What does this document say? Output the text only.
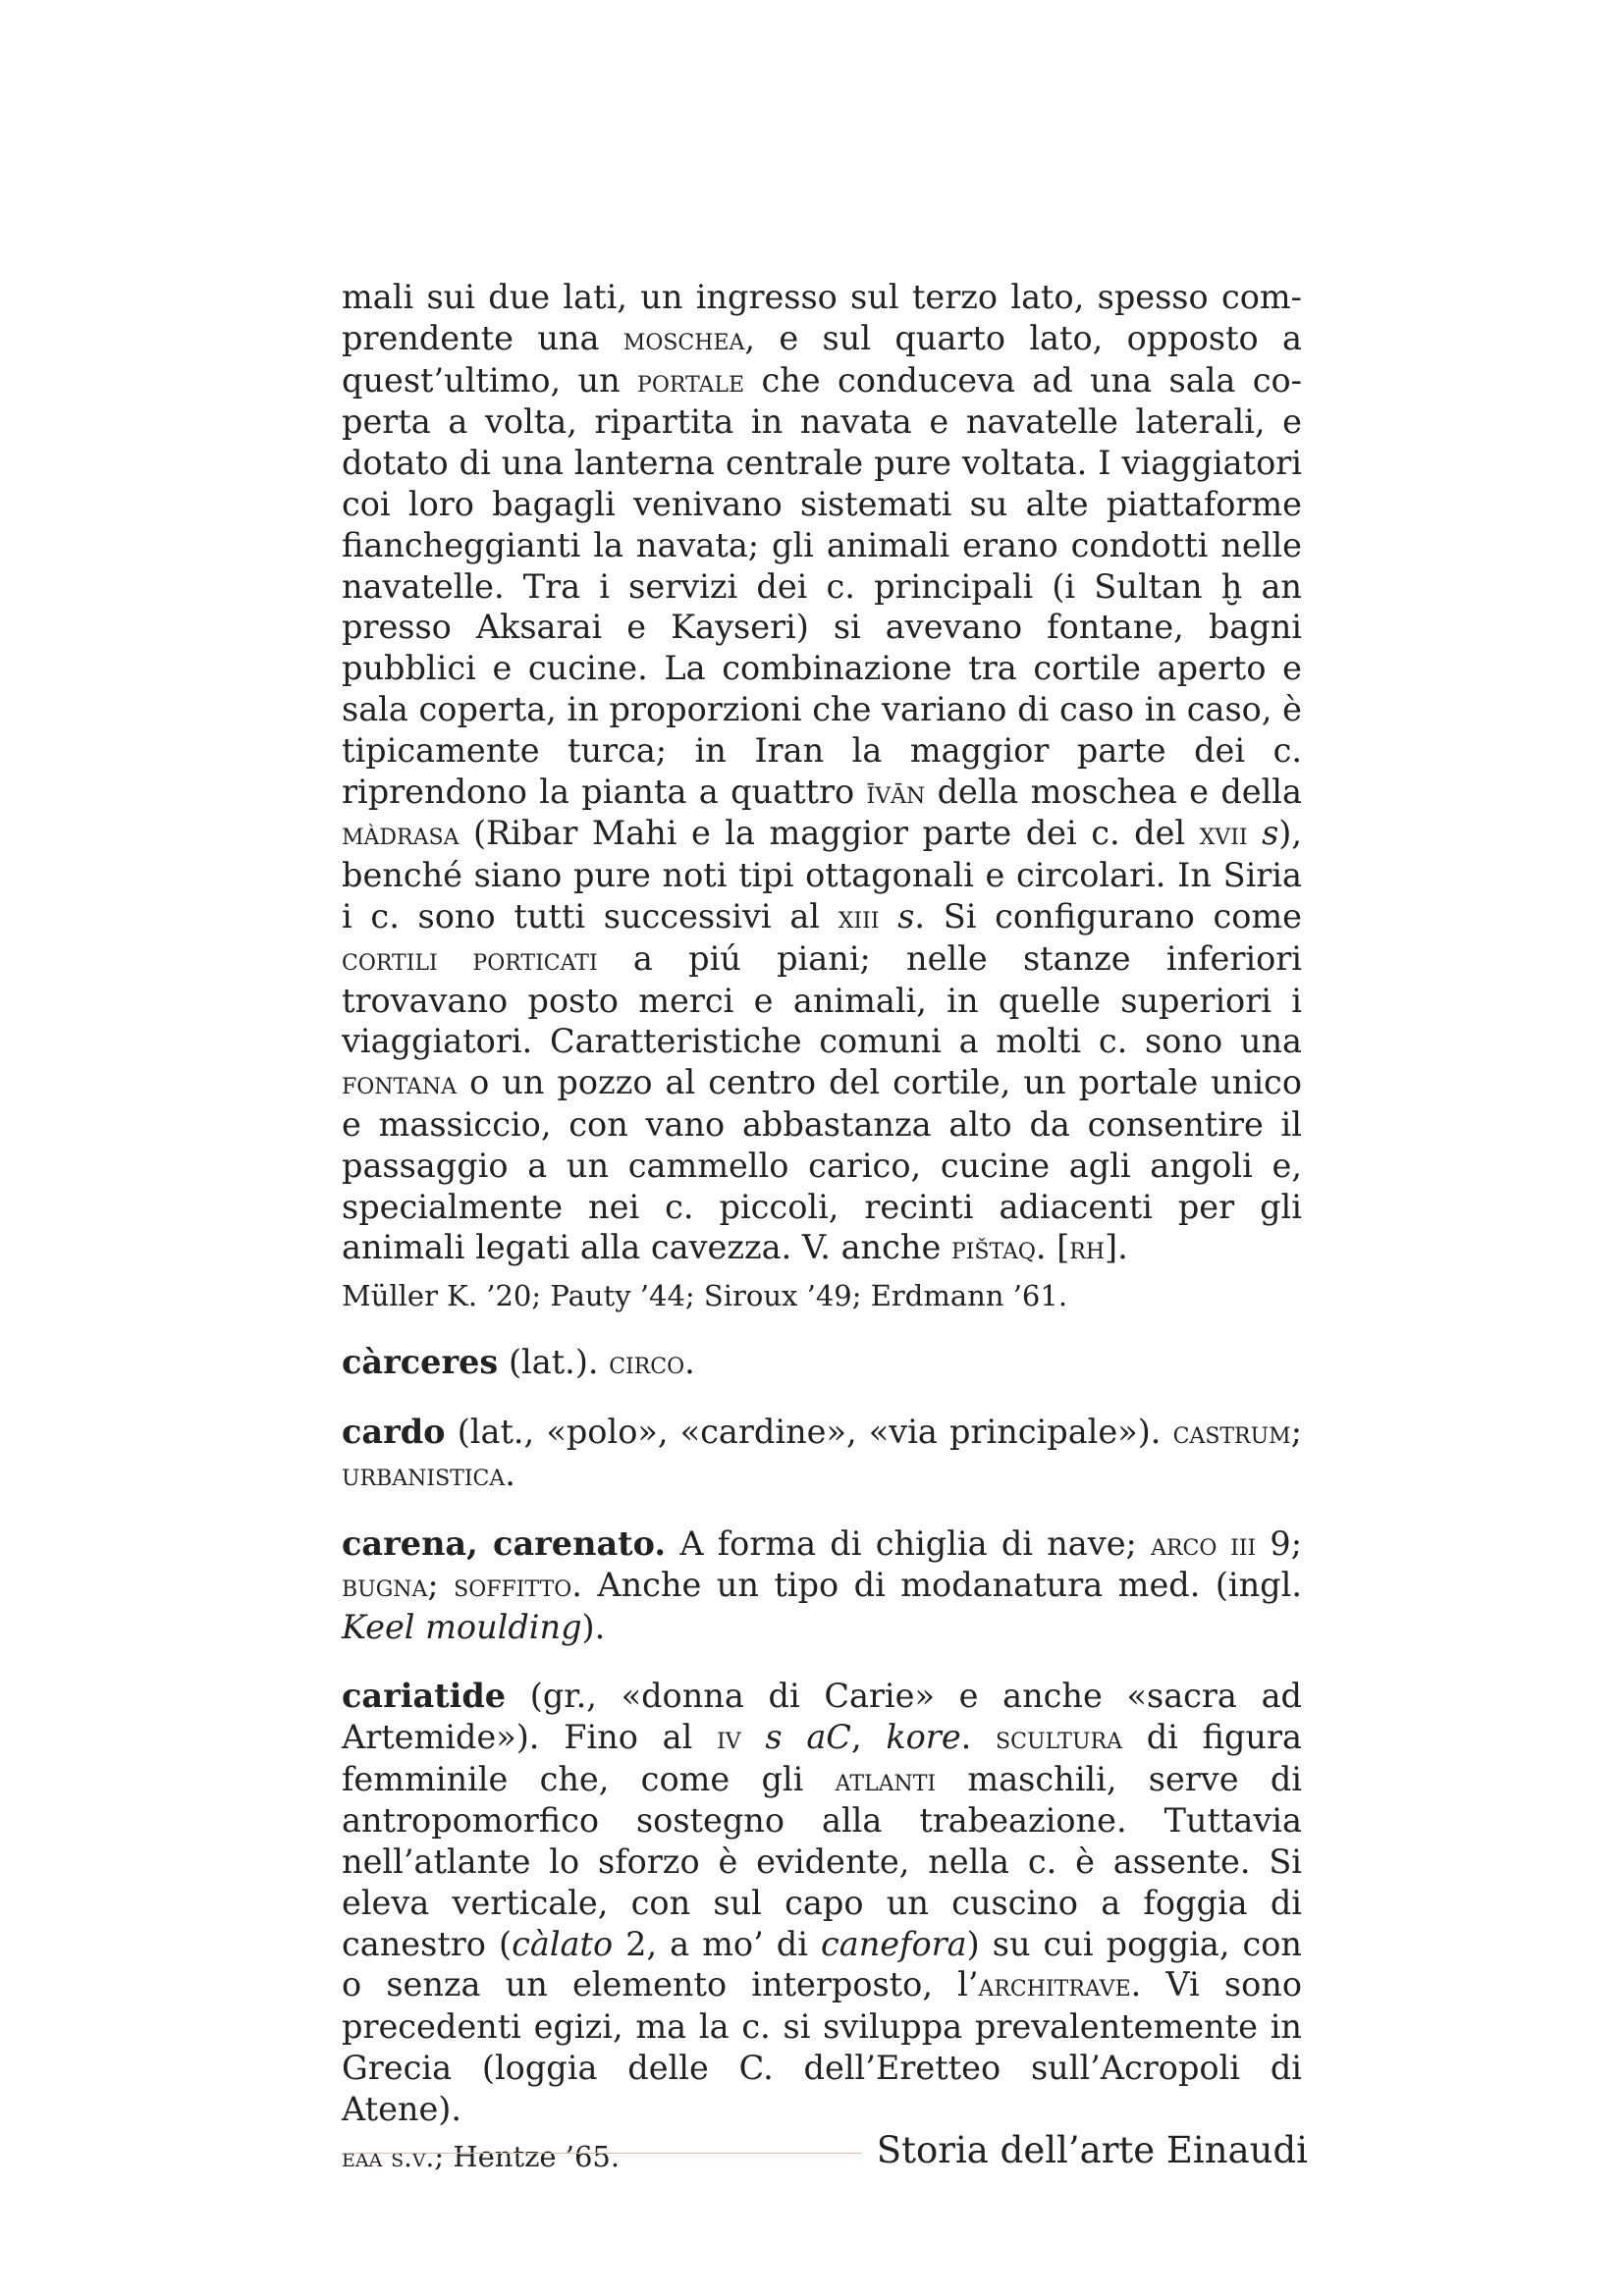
mali sui due lati, un ingresso sul terzo lato, spesso comprendente una moschea, e sul quarto lato, opposto a quest’ultimo, un portale che conduceva ad una sala coperta a volta, ripartita in navata e navatelle laterali, e dotato di una lanterna centrale pure voltata. I viaggiatori coi loro bagagli venivano sistemati su alte piattaforme fiancheggianti la navata; gli animali erano condotti nelle navatelle. Tra i servizi dei c. principali (i Sultan ḫ an presso Aksarai e Kayseri) si avevano fontane, bagni pubblici e cucine. La combinazione tra cortile aperto e sala coperta, in proporzioni che variano di caso in caso, è tipicamente turca; in Iran la maggior parte dei c. riprendono la pianta a quattro īvān della moschea e della màdrasa (Ribar Mahi e la maggior parte dei c. del xvii s), benché siano pure noti tipi ottagonali e circolari. In Siria i c. sono tutti successivi al xiii s. Si configurano come cortili porticati a piú piani; nelle stanze inferiori trovavano posto merci e animali, in quelle superiori i viaggiatori. Caratteristiche comuni a molti c. sono una fontana o un pozzo al centro del cortile, un portale unico e massiccio, con vano abbastanza alto da consentire il passaggio a un cammello carico, cucine agli angoli e, specialmente nei c. piccoli, recinti adiacenti per gli animali legati alla cavezza. V. anche pištaq. [rh].

Müller K. ’20; Pauty ’44; Siroux ’49; Erdmann ’61.

càrceres (lat.). circo.

cardo (lat., «polo», «cardine», «via principale»). castrum; urbanistica.

carena, carenato. A forma di chiglia di nave; arco iii 9; bugna; soffitto. Anche un tipo di modanatura med. (ingl. Keel moulding).

cariatide (gr., «donna di Carie» e anche «sacra ad Artemide»). Fino al iv s aC, kore. scultura di figura femminile che, come gli atlanti maschili, serve di antropomorfico sostegno alla trabeazione. Tuttavia nell’atlante lo sforzo è evidente, nella c. è assente. Si eleva verticale, con sul capo un cuscino a foggia di canestro (càlato 2, a mo’ di canefora) su cui poggia, con o senza un elemento interposto, l’architrave. Vi sono precedenti egizi, ma la c. si sviluppa prevalentemente in Grecia (loggia delle C. dell’Eretteo sull’Acropoli di Atene).

eaa s.v.; Hentze ’65.	Storia dell’arte Einaudi
